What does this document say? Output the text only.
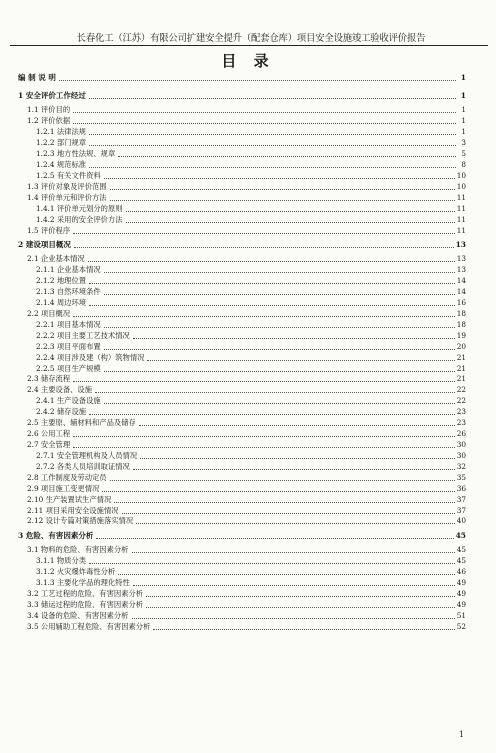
长春化工（江苏）有限公司扩建安全提升（配套仓库）项目安全设施竣工验收评价报告
目 录
编 制 说 明	1
1 安全评价工作经过	1
1.1 评价目的	1
1.2 评价依据	1
1.2.1 法律法规	1
1.2.2 部门规章	3
1.2.3 地方性法规、规章	5
1.2.4 规范标准	8
1.2.5 有关文件资料	10
1.3 评价对象及评价范围	10
1.4 评价单元和评价方法	11
1.4.1 评价单元划分的原则	11
1.4.2 采用的安全评价方法	11
1.5 评价程序	11
2 建设项目概况	13
2.1 企业基本情况	13
2.1.1 企业基本情况	13
2.1.2 地理位置	14
2.1.3 自然环境条件	14
2.1.4 周边环境	16
2.2 项目概况	18
2.2.1 项目基本情况	18
2.2.2 项目主要工艺技术情况	19
2.2.3 项目平面布置	20
2.2.4 项目涉及建（构）筑物情况	21
2.2.5 项目生产规模	21
2.3 储存流程	21
2.4 主要设备、设施	22
2.4.1 生产设备设施	22
2.4.2 储存设施	23
2.5 主要原、辅材料和产品及储存	23
2.6 公用工程	26
2.7 安全管理	30
2.7.1 安全管理机构及人员情况	30
2.7.2 各类人员培训取证情况	32
2.8 工作制度及劳动定员	35
2.9 项目施工变更情况	36
2.10 生产装置试生产情况	37
2.11 项目采用安全设施情况	37
2.12 设计专篇对策措施落实情况	40
3 危险、有害因素分析	45
3.1 物料的危险、有害因素分析	45
3.1.1 物质分类	45
3.1.2 火灾爆炸毒性分析	46
3.1.3 主要化学品的理化特性	49
3.2 工艺过程的危险、有害因素分析	49
3.3 储运过程的危险、有害因素分析	49
3.4 设备的危险、有害因素分析	51
3.5 公用辅助工程危险、有害因素分析	52
1
